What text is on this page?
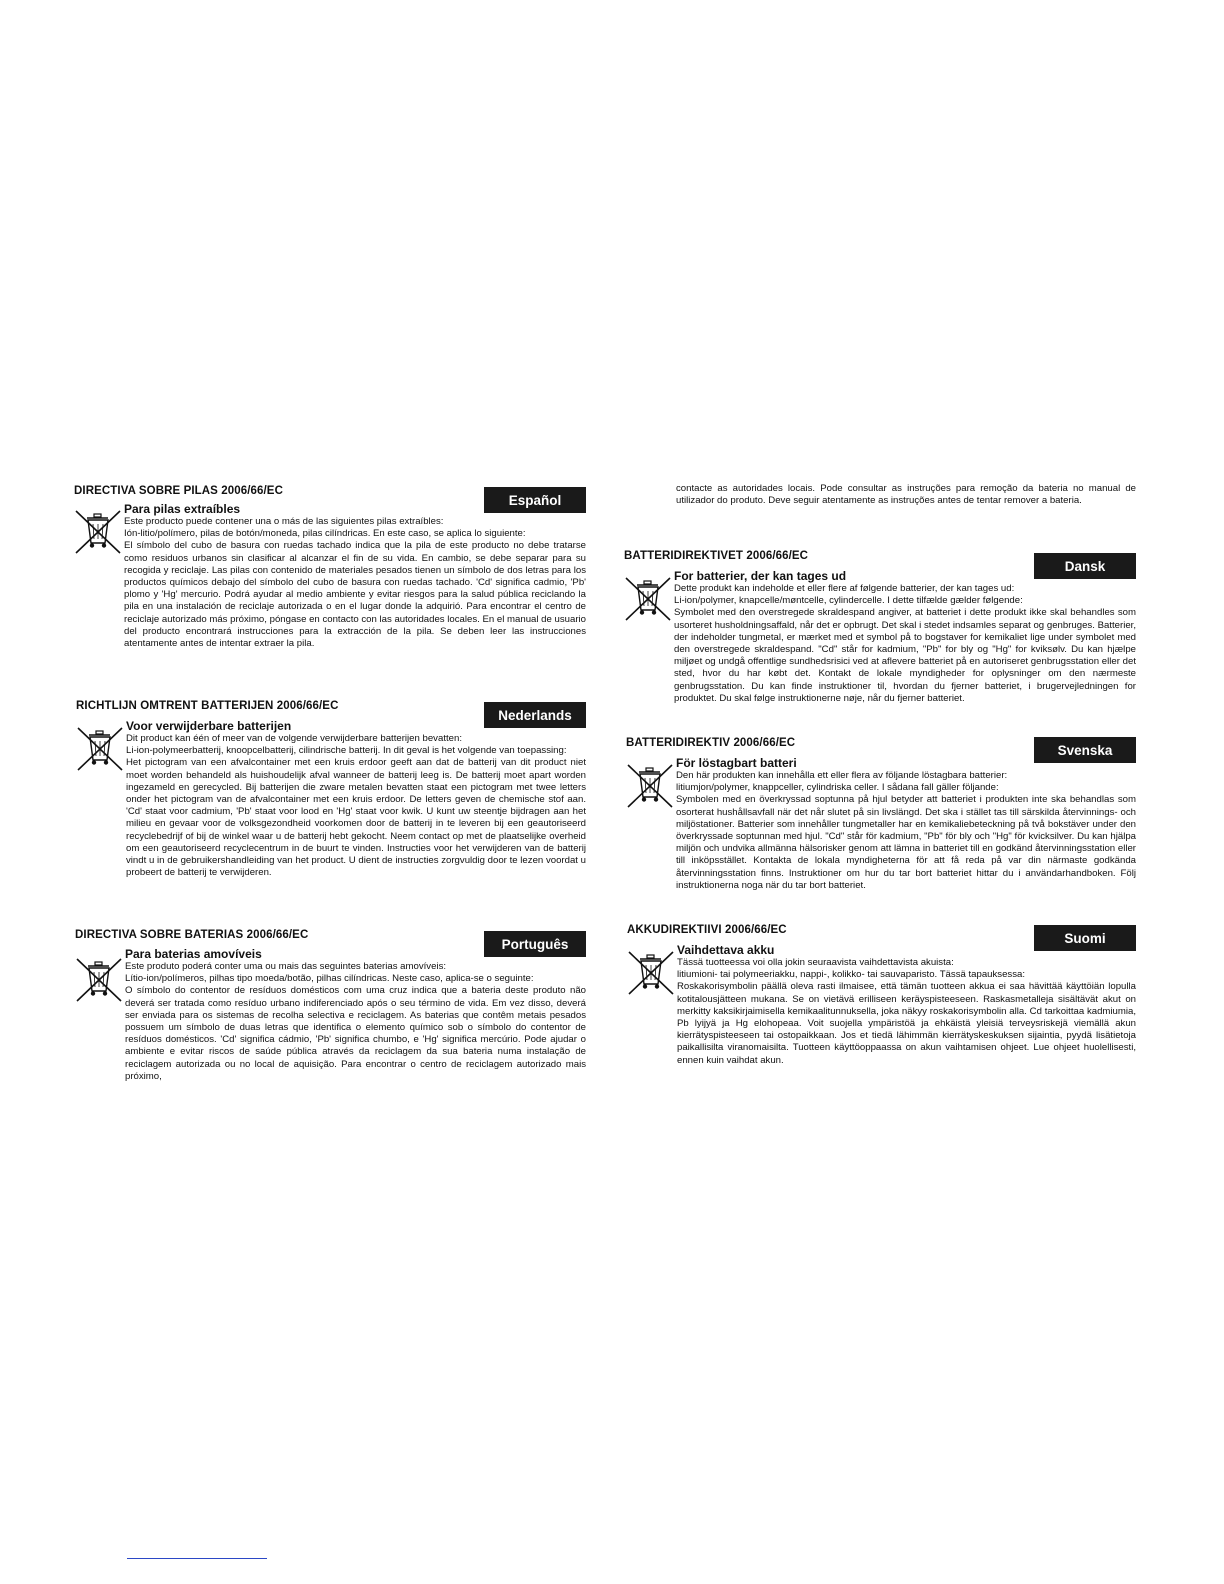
DIRECTIVA SOBRE PILAS 2006/66/EC
Español
Para pilas extraíbles

Este producto puede contener una o más de las siguientes pilas extraíbles:

Ión-litio/polímero, pilas de botón/moneda, pilas cilíndricas. En este caso, se aplica lo siguiente:

El símbolo del cubo de basura con ruedas tachado indica que la pila de este producto no debe tratarse como residuos urbanos sin clasificar al alcanzar el fin de su vida. En cambio, se debe separar para su recogida y reciclaje. Las pilas con contenido de materiales pesados tienen un símbolo de dos letras para los productos químicos debajo del símbolo del cubo de basura con ruedas tachado. 'Cd' significa cadmio, 'Pb' plomo y 'Hg' mercurio. Podrá ayudar al medio ambiente y evitar riesgos para la salud pública reciclando la pila en una instalación de reciclaje autorizada o en el lugar donde la adquirió. Para encontrar el centro de reciclaje autorizado más próximo, póngase en contacto con las autoridades locales. En el manual de usuario del producto encontrará instrucciones para la extracción de la pila. Se deben leer las instrucciones atentamente antes de intentar extraer la pila.

RICHTLIJN OMTRENT BATTERIJEN 2006/66/EC
Nederlands
Voor verwijderbare batterijen

Dit product kan één of meer van de volgende verwijderbare batterijen bevatten:

Li-ion-polymeerbatterij, knoopcelbatterij, cilindrische batterij. In dit geval is het volgende van toepassing:

Het pictogram van een afvalcontainer met een kruis erdoor geeft aan dat de batterij van dit product niet moet worden behandeld als huishoudelijk afval wanneer de batterij leeg is. De batterij moet apart worden ingezameld en gerecycled. Bij batterijen die zware metalen bevatten staat een pictogram met twee letters onder het pictogram van de afvalcontainer met een kruis erdoor. De letters geven de chemische stof aan. 'Cd' staat voor cadmium, 'Pb' staat voor lood en 'Hg' staat voor kwik. U kunt uw steentje bijdragen aan het milieu en gevaar voor de volksgezondheid voorkomen door de batterij in te leveren bij een geautoriseerd recyclebedrijf of bij de winkel waar u de batterij hebt gekocht. Neem contact op met de plaatselijke overheid om een geautoriseerd recyclecentrum in de buurt te vinden. Instructies voor het verwijderen van de batterij vindt u in de gebruikershandleiding van het product. U dient de instructies zorgvuldig door te lezen voordat u probeert de batterij te verwijderen.

DIRECTIVA SOBRE BATERIAS 2006/66/EC
Português
Para baterias amovíveis

Este produto poderá conter uma ou mais das seguintes baterias amovíveis:

Lítio-ion/polímeros, pilhas tipo moeda/botão, pilhas cilíndricas. Neste caso, aplica-se o seguinte:

O símbolo do contentor de resíduos domésticos com uma cruz indica que a bateria deste produto não deverá ser tratada como resíduo urbano indiferenciado após o seu término de vida. Em vez disso, deverá ser enviada para os sistemas de recolha selectiva e reciclagem. As baterias que contêm metais pesados possuem um símbolo de duas letras que identifica o elemento químico sob o símbolo do contentor de resíduos domésticos. 'Cd' significa cádmio, 'Pb' significa chumbo, e 'Hg' significa mercúrio. Pode ajudar o ambiente e evitar riscos de saúde pública através da reciclagem da sua bateria numa instalação de reciclagem autorizada ou no local de aquisição. Para encontrar o centro de reciclagem autorizado mais próximo,

contacte as autoridades locais. Pode consultar as instruções para remoção da bateria no manual de utilizador do produto. Deve seguir atentamente as instruções antes de tentar remover a bateria.
BATTERIDIREKTIVET 2006/66/EC
Dansk
For batterier, der kan tages ud

Dette produkt kan indeholde et eller flere af følgende batterier, der kan tages ud:

Li-ion/polymer, knapcelle/møntcelle, cylindercelle. I dette tilfælde gælder følgende:

Symbolet med den overstregede skraldespand angiver, at batteriet i dette produkt ikke skal behandles som usorteret husholdningsaffald, når det er opbrugt. Det skal i stedet indsamles separat og genbruges. Batterier, der indeholder tungmetal, er mærket med et symbol på to bogstaver for kemikaliet lige under symbolet med den overstregede skraldespand. "Cd" står for kadmium, "Pb" for bly og "Hg" for kviksølv. Du kan hjælpe miljøet og undgå offentlige sundhedsrisici ved at aflevere batteriet på en autoriseret genbrugsstation eller det sted, hvor du har købt det. Kontakt de lokale myndigheder for oplysninger om den nærmeste genbrugsstation. Du kan finde instruktioner til, hvordan du fjerner batteriet, i brugervejledningen for produktet. Du skal følge instruktionerne nøje, når du fjerner batteriet.

BATTERIDIREKTIV 2006/66/EC	Svenska
För löstagbart batteri

Den här produkten kan innehålla ett eller flera av följande löstagbara batterier:

litiumjon/polymer, knappceller, cylindriska celler. I sådana fall gäller följande:

Symbolen med en överkryssad soptunna på hjul betyder att batteriet i produkten inte ska behandlas som osorterat hushållsavfall när det når slutet på sin livslängd. Det ska i stället tas till särskilda återvinnings- och miljöstationer. Batterier som innehåller tungmetaller har en kemikaliebeteckning på två bokstäver under den överkryssade soptunnan med hjul. "Cd" står för kadmium, "Pb" för bly och "Hg" för kvicksilver. Du kan hjälpa miljön och undvika allmänna hälsorisker genom att lämna in batteriet till en godkänd återvinningsstation eller till inköpsstället. Kontakta de lokala myndigheterna för att få reda på var din närmaste godkända återvinningsstation finns. Instruktioner om hur du tar bort batteriet hittar du i användarhandboken. Följ instruktionerna noga när du tar bort batteriet.

AKKUDIREKTIIVI 2006/66/EC
Suomi
Vaihdettava akku

Tässä tuotteessa voi olla jokin seuraavista vaihdettavista akuista:

litiumioni- tai polymeeriakku, nappi-, kolikko- tai sauvaparisto. Tässä tapauksessa:

Roskakorisymbolin päällä oleva rasti ilmaisee, että tämän tuotteen akkua ei saa hävittää käyttöiän lopulla kotitalousjätteen mukana. Se on vietävä erilliseen keräyspisteeseen. Raskasmetalleja sisältävät akut on merkitty kaksikirjaimisella kemikaalitunnuksella, joka näkyy roskakorisymbolin alla. Cd tarkoittaa kadmiumia, Pb lyijyä ja Hg elohopeaa. Voit suojella ympäristöä ja ehkäistä yleisiä terveysriskejä viemällä akun kierrätyspisteeseen tai ostopaikkaan. Jos et tiedä lähimmän kierrätyskeskuksen sijaintia, pyydä lisätietoja paikallisilta viranomaisilta. Tuotteen käyttöoppaassa on akun vaihtamisen ohjeet. Lue ohjeet huolellisesti, ennen kuin vaihdat akun.
